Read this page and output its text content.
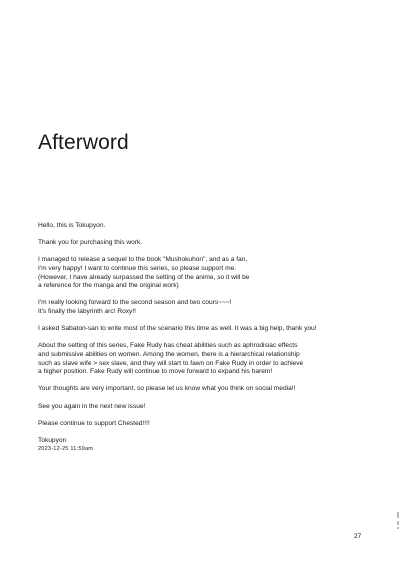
Afterword

Hello, this is Tokupyon.

Thank you for purchasing this work.

I managed to release a sequel to the book "Mushokuhon", and as a fan,
I'm very happy! I want to continue this series, so please support me.
(However, I have already surpassed the setting of the anime, so it will be
a reference for the manga and the original work)

I'm really looking forward to the second season and two cours~~~!
It's finally the labyrinth arc! Roxy!!

I asked Sabaton-san to write most of the scenario this time as well. It was a big help, thank you!

About the setting of this series, Fake Rudy has cheat abilities such as aphrodisiac effects
and submissive abilities on women. Among the women, there is a hierarchical relationship
such as slave wife > sex slave, and they will start to fawn on Fake Rudy in order to achieve
a higher position. Fake Rudy will continue to move forward to expand his harem!

Your thoughts are very important, so please let us know what you think on social media!!

See you again in the next new issue!

Please continue to support Chested!!!!

Tokupyon

2023-12-25 11:59am

27
